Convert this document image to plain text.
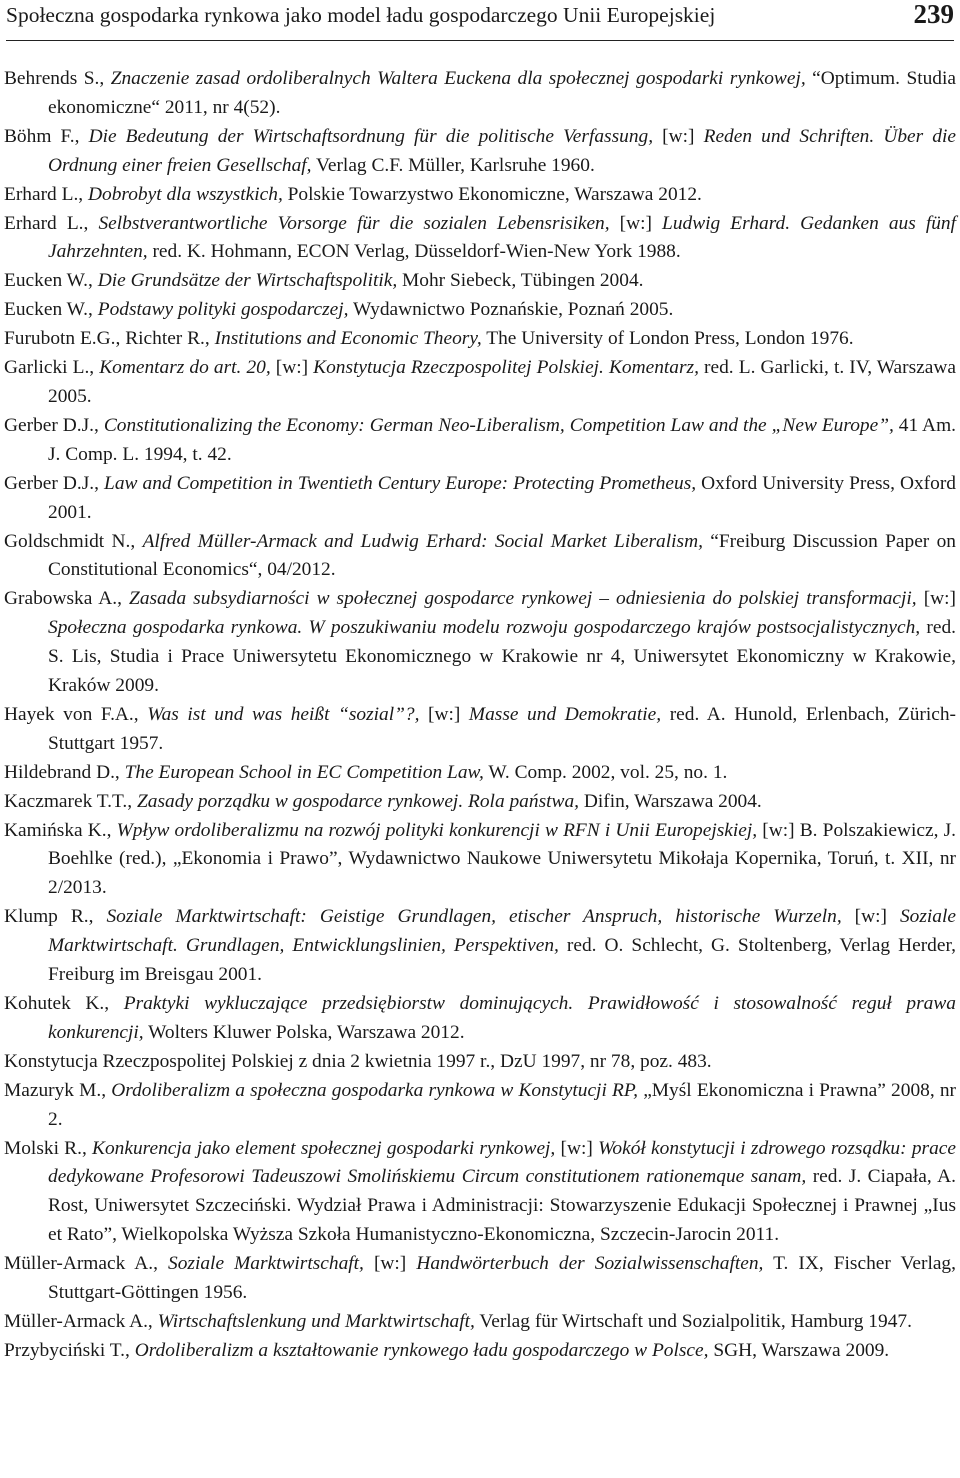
Społeczna gospodarka rynkowa jako model ładu gospodarczego Unii Europejskiej	239

Behrends S., Znaczenie zasad ordoliberalnych Waltera Euckena dla społecznej gospodarki rynkowej, “Optimum. Studia ekonomiczne“ 2011, nr 4(52).

Böhm F., Die Bedeutung der Wirtschaftsordnung für die politische Verfassung, [w:] Reden und Schriften. Über die Ordnung einer freien Gesellschaf, Verlag C.F. Müller, Karlsruhe 1960.

Erhard L., Dobrobyt dla wszystkich, Polskie Towarzystwo Ekonomiczne, Warszawa 2012.

Erhard L., Selbstverantwortliche Vorsorge für die sozialen Lebensrisiken, [w:] Ludwig Erhard. Gedanken aus fünf Jahrzehnten, red. K. Hohmann, ECON Verlag, Düsseldorf-Wien-New York 1988.

Eucken W., Die Grundsätze der Wirtschaftspolitik, Mohr Siebeck, Tübingen 2004.

Eucken W., Podstawy polityki gospodarczej, Wydawnictwo Poznańskie, Poznań 2005.

Furubotn E.G., Richter R., Institutions and Economic Theory, The University of London Press, London 1976.

Garlicki L., Komentarz do art. 20, [w:] Konstytucja Rzeczpospolitej Polskiej. Komentarz, red. L. Garlicki, t. IV, Warszawa 2005.

Gerber D.J., Constitutionalizing the Economy: German Neo-Liberalism, Competition Law and the „New Europe”, 41 Am. J. Comp. L. 1994, t. 42.

Gerber D.J., Law and Competition in Twentieth Century Europe: Protecting Prometheus, Oxford University Press, Oxford 2001.

Goldschmidt N., Alfred Müller-Armack and Ludwig Erhard: Social Market Liberalism, “Freiburg Discussion Paper on Constitutional Economics“, 04/2012.

Grabowska A., Zasada subsydiarności w społecznej gospodarce rynkowej – odniesienia do polskiej transformacji, [w:] Społeczna gospodarka rynkowa. W poszukiwaniu modelu rozwoju gospodarczego krajów postsocjalistycznych, red. S. Lis, Studia i Prace Uniwersytetu Ekonomicznego w Krakowie nr 4, Uniwersytet Ekonomiczny w Krakowie, Kraków 2009.

Hayek von F.A., Was ist und was heißt “sozial”?, [w:] Masse und Demokratie, red. A. Hunold, Erlenbach, Zürich-Stuttgart 1957.

Hildebrand D., The European School in EC Competition Law, W. Comp. 2002, vol. 25, no. 1.

Kaczmarek T.T., Zasady porządku w gospodarce rynkowej. Rola państwa, Difin, Warszawa 2004.

Kamińska K., Wpływ ordoliberalizmu na rozwój polityki konkurencji w RFN i Unii Europejskiej, [w:] B. Polszakiewicz, J. Boehlke (red.), „Ekonomia i Prawo”, Wydawnictwo Naukowe Uniwersytetu Mikołaja Kopernika, Toruń, t. XII, nr 2/2013.

Klump R., Soziale Marktwirtschaft: Geistige Grundlagen, etischer Anspruch, historische Wurzeln, [w:] Soziale Marktwirtschaft. Grundlagen, Entwicklungslinien, Perspektiven, red. O. Schlecht, G. Stoltenberg, Verlag Herder, Freiburg im Breisgau 2001.

Kohutek K., Praktyki wykluczające przedsiębiorstw dominujących. Prawidłowość i stosowalność reguł prawa konkurencji, Wolters Kluwer Polska, Warszawa 2012.

Konstytucja Rzeczpospolitej Polskiej z dnia 2 kwietnia 1997 r., DzU 1997, nr 78, poz. 483.

Mazuryk M., Ordoliberalizm a społeczna gospodarka rynkowa w Konstytucji RP, „Myśl Ekonomiczna i Prawna” 2008, nr 2.

Molski R., Konkurencja jako element społecznej gospodarki rynkowej, [w:] Wokół konstytucji i zdrowego rozsądku: prace dedykowane Profesorowi Tadeuszowi Smolińskiemu Circum constitutionem rationemque sanam, red. J. Ciapała, A. Rost, Uniwersytet Szczeciński. Wydział Prawa i Administracji: Stowarzyszenie Edukacji Społecznej i Prawnej „Ius et Rato”, Wielkopolska Wyższa Szkoła Humanistyczno-Ekonomiczna, Szczecin-Jarocin 2011.

Müller-Armack A., Soziale Marktwirtschaft, [w:] Handwörterbuch der Sozialwissenschaften, T. IX, Fischer Verlag, Stuttgart-Göttingen 1956.

Müller-Armack A., Wirtschaftslenkung und Marktwirtschaft, Verlag für Wirtschaft und Sozialpolitik, Hamburg 1947.

Przybyciński T., Ordoliberalizm a kształtowanie rynkowego ładu gospodarczego w Polsce, SGH, Warszawa 2009.
